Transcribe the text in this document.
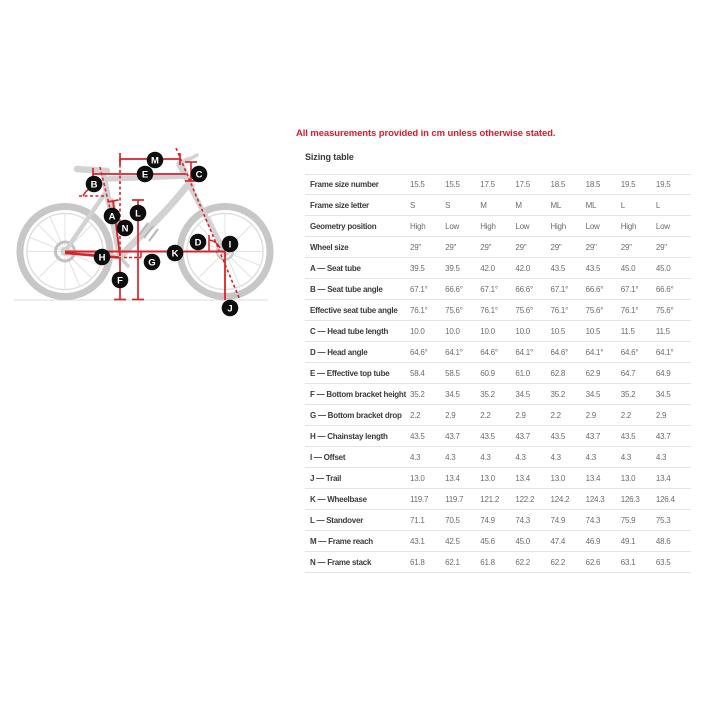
All measurements provided in cm unless otherwise stated.
Sizing table
Frame size number	15.5	15.5	17.5	17.5	18.5	18.5	19.5	19.5
Frame size letter	S	S	M	M	ML	ML	L	L
Geometry position	High	Low	High	Low	High	Low	High	Low
Wheel size	29"	29"	29"	29"	29"	29"	29"	29"
A — Seat tube	39.5	39.5	42.0	42.0	43.5	43.5	45.0	45.0
B — Seat tube angle	67.1°	66.6°	67.1°	66.6°	67.1°	66.6°	67.1°	66.6°
Effective seat tube angle	76.1°	75.6°	76.1°	75.6°	76.1°	75.6°	76.1°	75.6°
C — Head tube length	10.0	10.0	10.0	10.0	10.5	10.5	11.5	11.5
D — Head angle	64.6°	64.1°	64.6°	64.1°	64.6°	64.1°	64.6°	64.1°
E — Effective top tube	58.4	58.5	60.9	61.0	62.8	62.9	64.7	64.9
F — Bottom bracket height 35.2	34.5	35.2	34.5	35.2	34.5	35.2	34.5
G — Bottom bracket drop	2.2	2.9	2.2	2.9	2.2	2.9	2.2	2.9
H — Chainstay length	43.5	43.7	43.5	43.7	43.5	43.7	43.5	43.7
I — Offset	4.3	4.3	4.3	4.3	4.3	4.3	4.3	4.3
J — Trail	13.0	13.4	13.0	13.4	13.0	13.4	13.0	13.4
K — Wheelbase	119.7	119.7	121.2	122.2	124.2	124.3	126.3	126.4
L — Standover	71.1	70.5	74.9	74.3	74.9	74.3	75.9	75.3
M — Frame reach	43.1	42.5	45.6	45.0	47.4	46.9	49.1	48.6
N — Frame stack	61.8	62.1	61.8	62.2	62.2	62.6	63.1	63.5
A
B
C
D
E
F
G
H
I
J
K
L
M
N
